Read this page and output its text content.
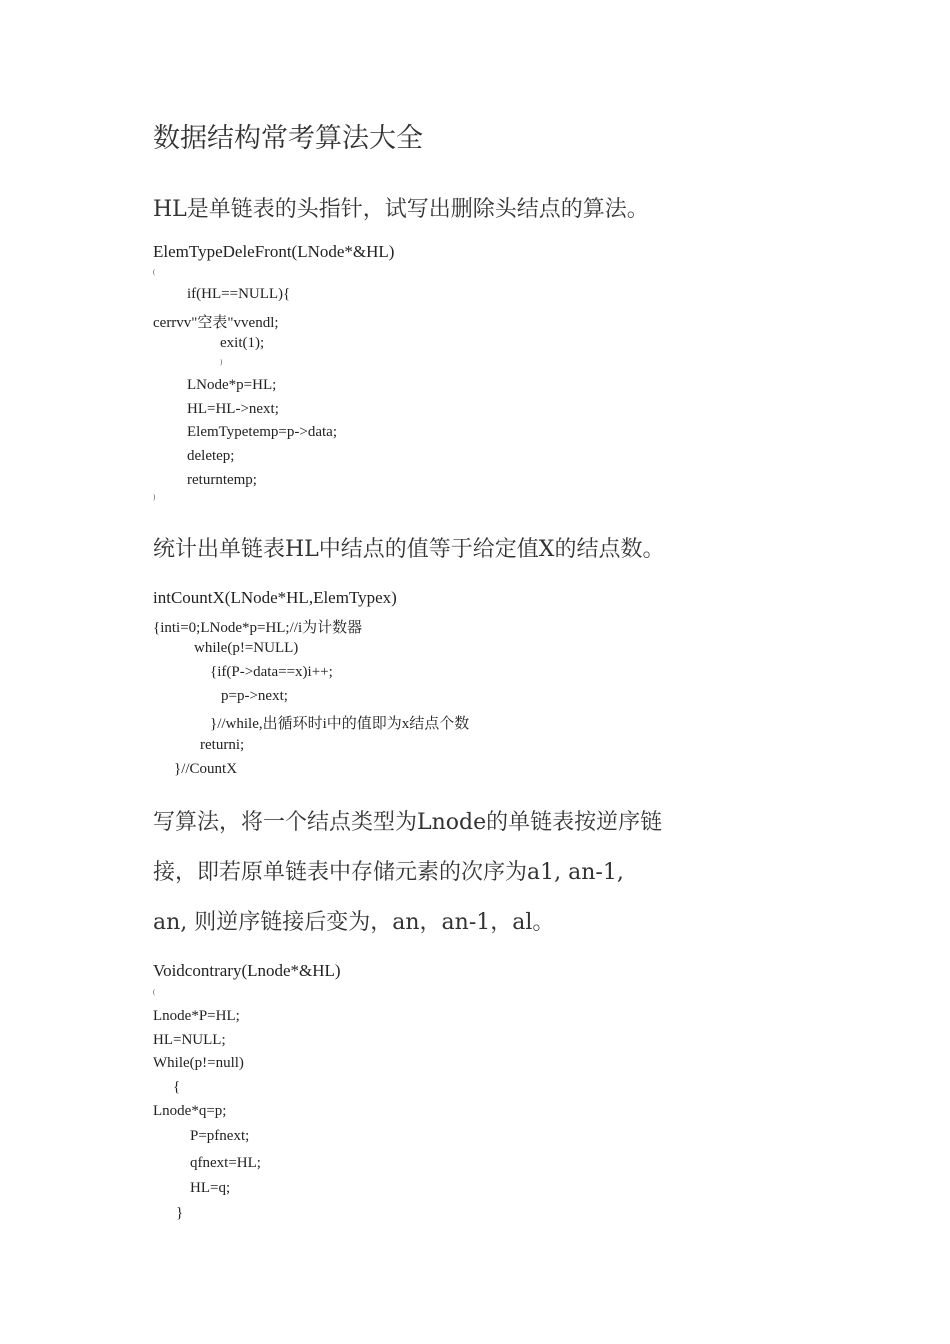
数据结构常考算法大全
HL是单链表的头指针，试写出删除头结点的算法。
ElemTypeDeleFront(LNode*&HL)
(
if(HL==NULL){
cerrvv"空表"vvendl;
exit(1);
)
LNode*p=HL;
HL=HL->next;
ElemTypetemp=p->data;
deletep;
returntemp;
)
统计出单链表HL中结点的值等于给定值X的结点数。
intCountX(LNode*HL,ElemTypex)
{inti=0;LNode*p=HL;//i为计数器
while(p!=NULL)
{if(P->data==x)i++;
p=p->next;
}//while,出循环时i中的值即为x结点个数
returni;
}//CountX
写算法，将一个结点类型为Lnode的单链表按逆序链
接，即若原单链表中存储元素的次序为a1, an-1,
an, 则逆序链接后变为，an，an-1，al。
Voidcontrary(Lnode*&HL)
(
Lnode*P=HL;
HL=NULL;
While(p!=null)
{
Lnode*q=p;
P=pfnext;
qfnext=HL;
HL=q;
}
